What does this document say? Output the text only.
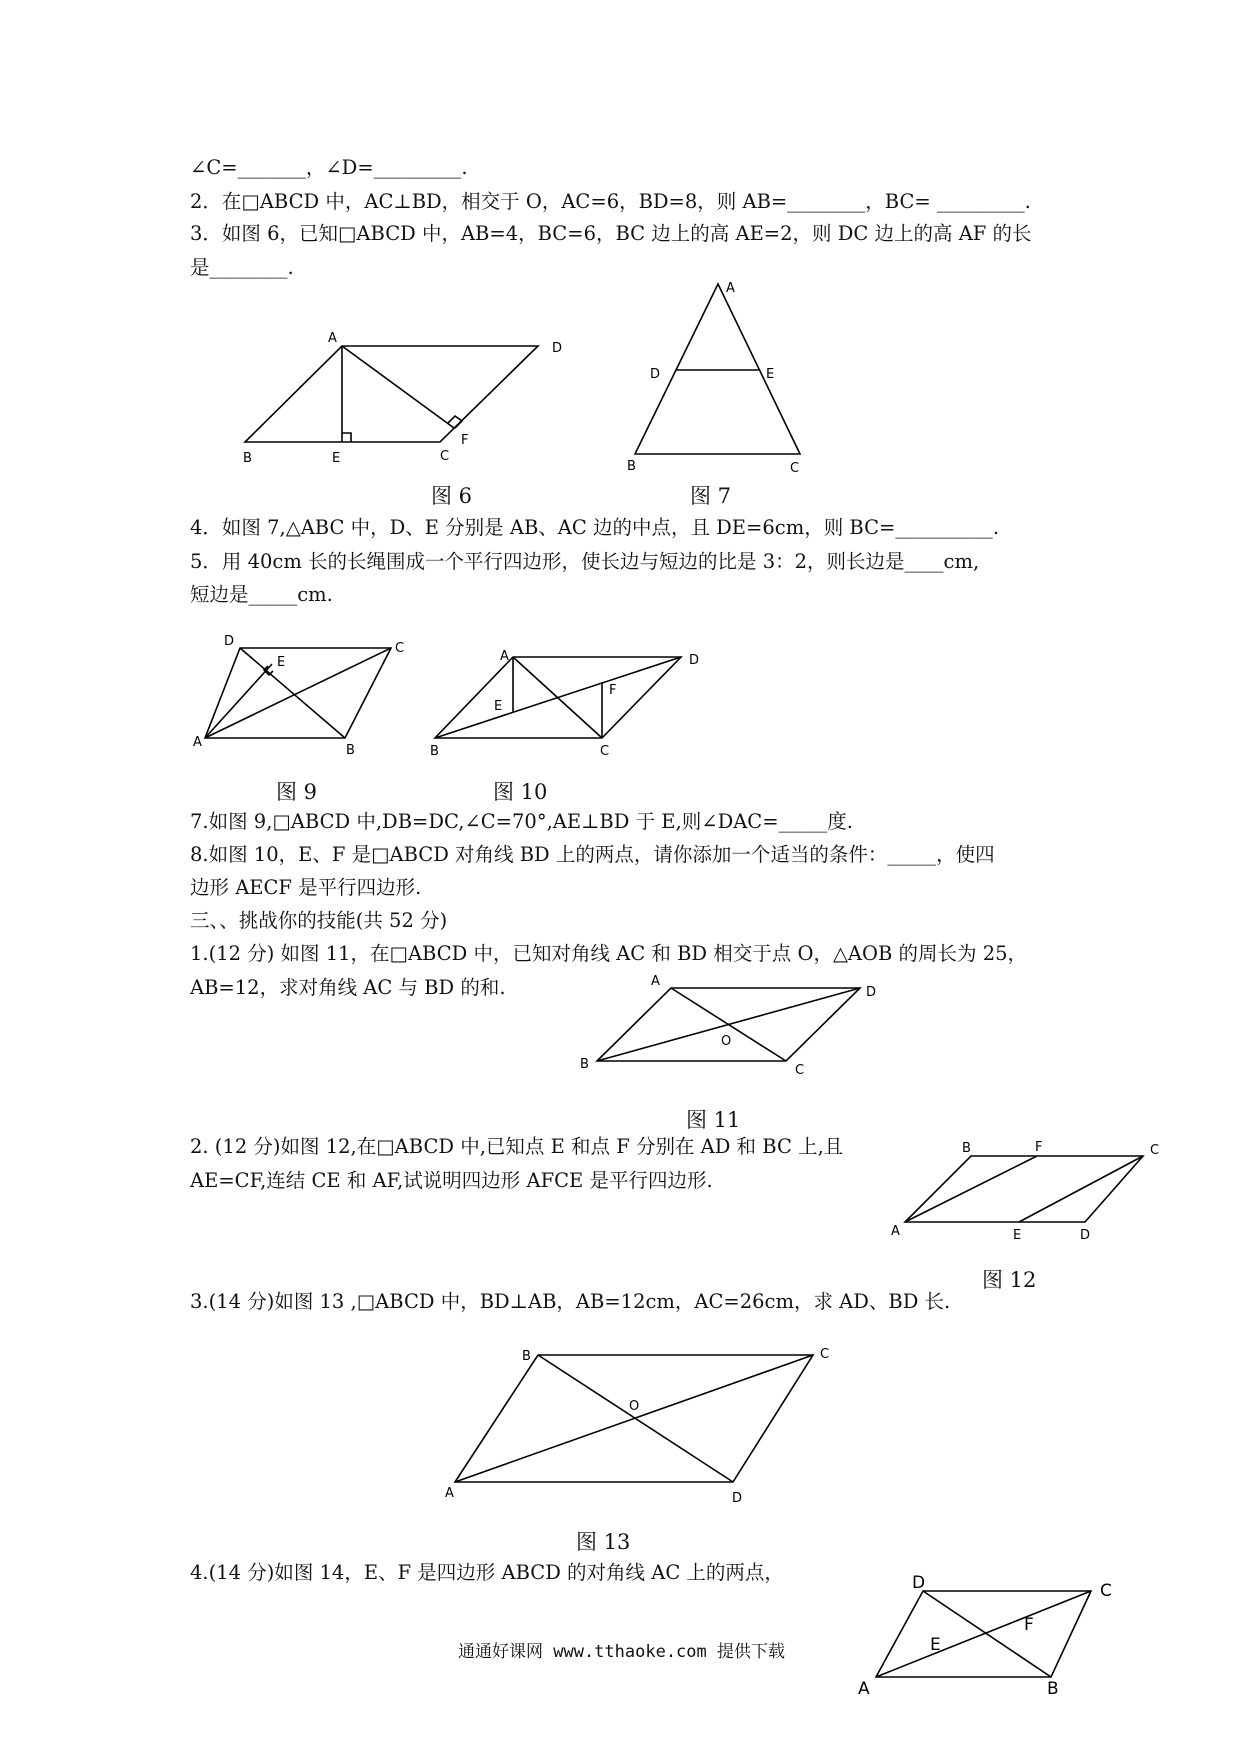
∠C=_______，∠D=_________.
2．在□ABCD 中，AC⊥BD，相交于 O，AC=6，BD=8，则 AB=________，BC= _________.
3．如图 6，已知□ABCD 中，AB=4，BC=6，BC 边上的高 AE=2，则 DC 边上的高 AF 的长
是________.
4．如图 7,△ABC 中，D、E 分别是 AB、AC 边的中点，且 DE=6cm，则 BC=__________.
5．用 40cm 长的长绳围成一个平行四边形，使长边与短边的比是 3：2，则长边是____cm,
短边是_____cm.
7.如图 9,□ABCD 中,DB=DC,∠C=70°,AE⊥BD 于 E,则∠DAC=_____度.
8.如图 10，E、F 是□ABCD 对角线 BD 上的两点，请你添加一个适当的条件：_____，使四
边形 AECF 是平行四边形.
三、、挑战你的技能(共 52 分)
1.(12 分) 如图 11，在□ABCD 中，已知对角线 AC 和 BD 相交于点 O，△AOB 的周长为 25，
AB=12，求对角线 AC 与 BD 的和.
2. (12 分)如图 12,在□ABCD 中,已知点 E 和点 F 分别在 AD 和 BC 上,且
AE=CF,连结 CE 和 AF,试说明四边形 AFCE 是平行四边形.
3.(14 分)如图 13 ,□ABCD 中，BD⊥AB，AB=12cm，AC=26cm，求 AD、BD 长.
4.(14 分)如图 14，E、F 是四边形 ABCD 的对角线 AC 上的两点，
A
D
B	E	C
F
图 6
A
D	E
B	C
图 7
D	C
E
A
B
图 9
A	D
E
F
B	C
图 10
A
D
O
B	C
图 11
B	F	C
A	E	D
图 12
B	C
O
A	D
图 13
D	C
F
E
A	B
通通好课网 www.tthaoke.com 提供下载
